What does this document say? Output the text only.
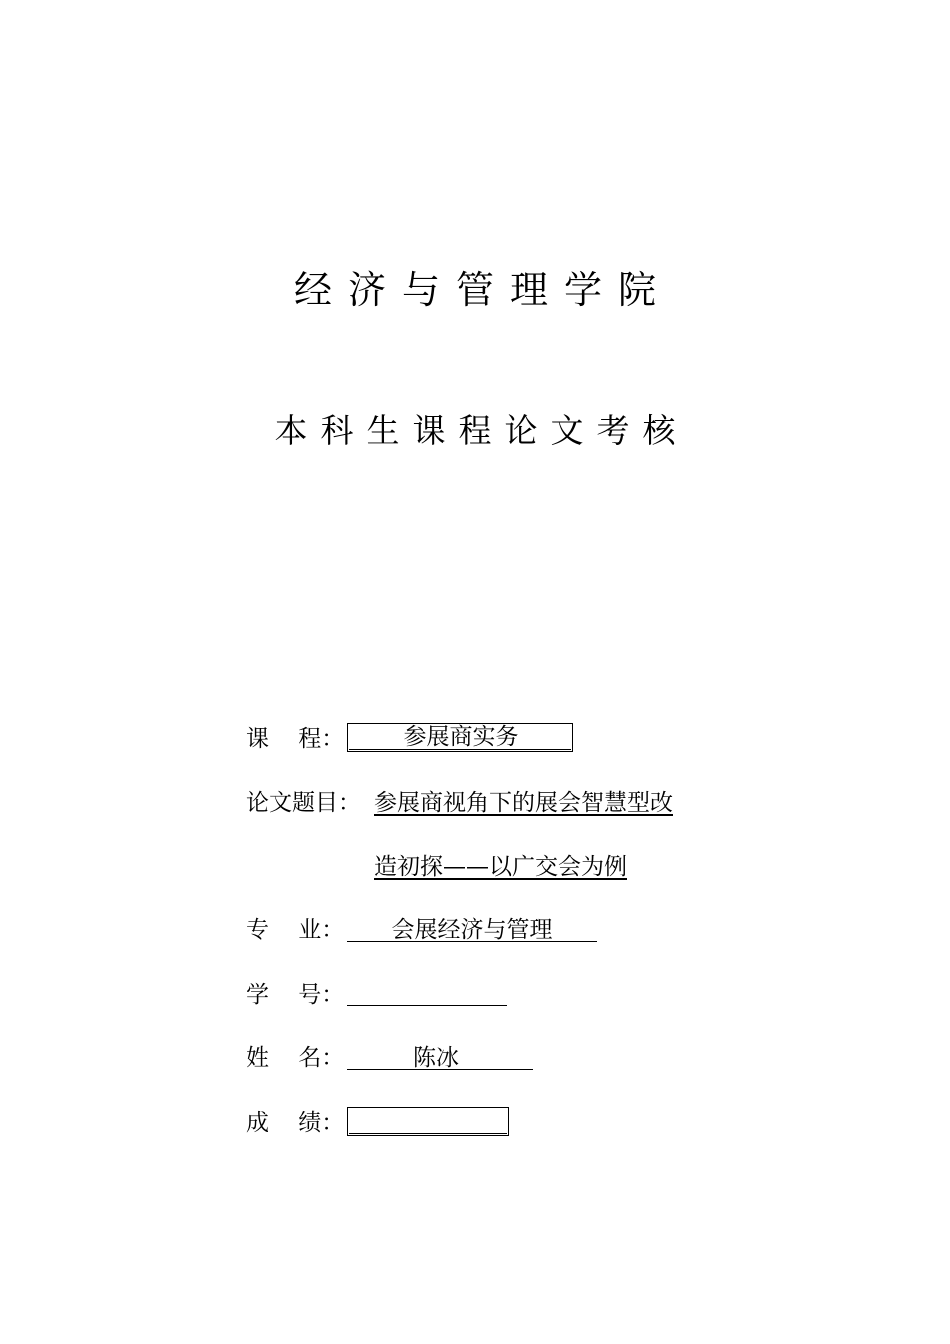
经济与管理学院
本科生课程论文考核
课    程：	参展商实务
论文题目： 参展商视角下的展会智慧型改
造初探——以广交会为例
专    业：	会展经济与管理
学    号：
姓    名：	陈冰
成    绩：
